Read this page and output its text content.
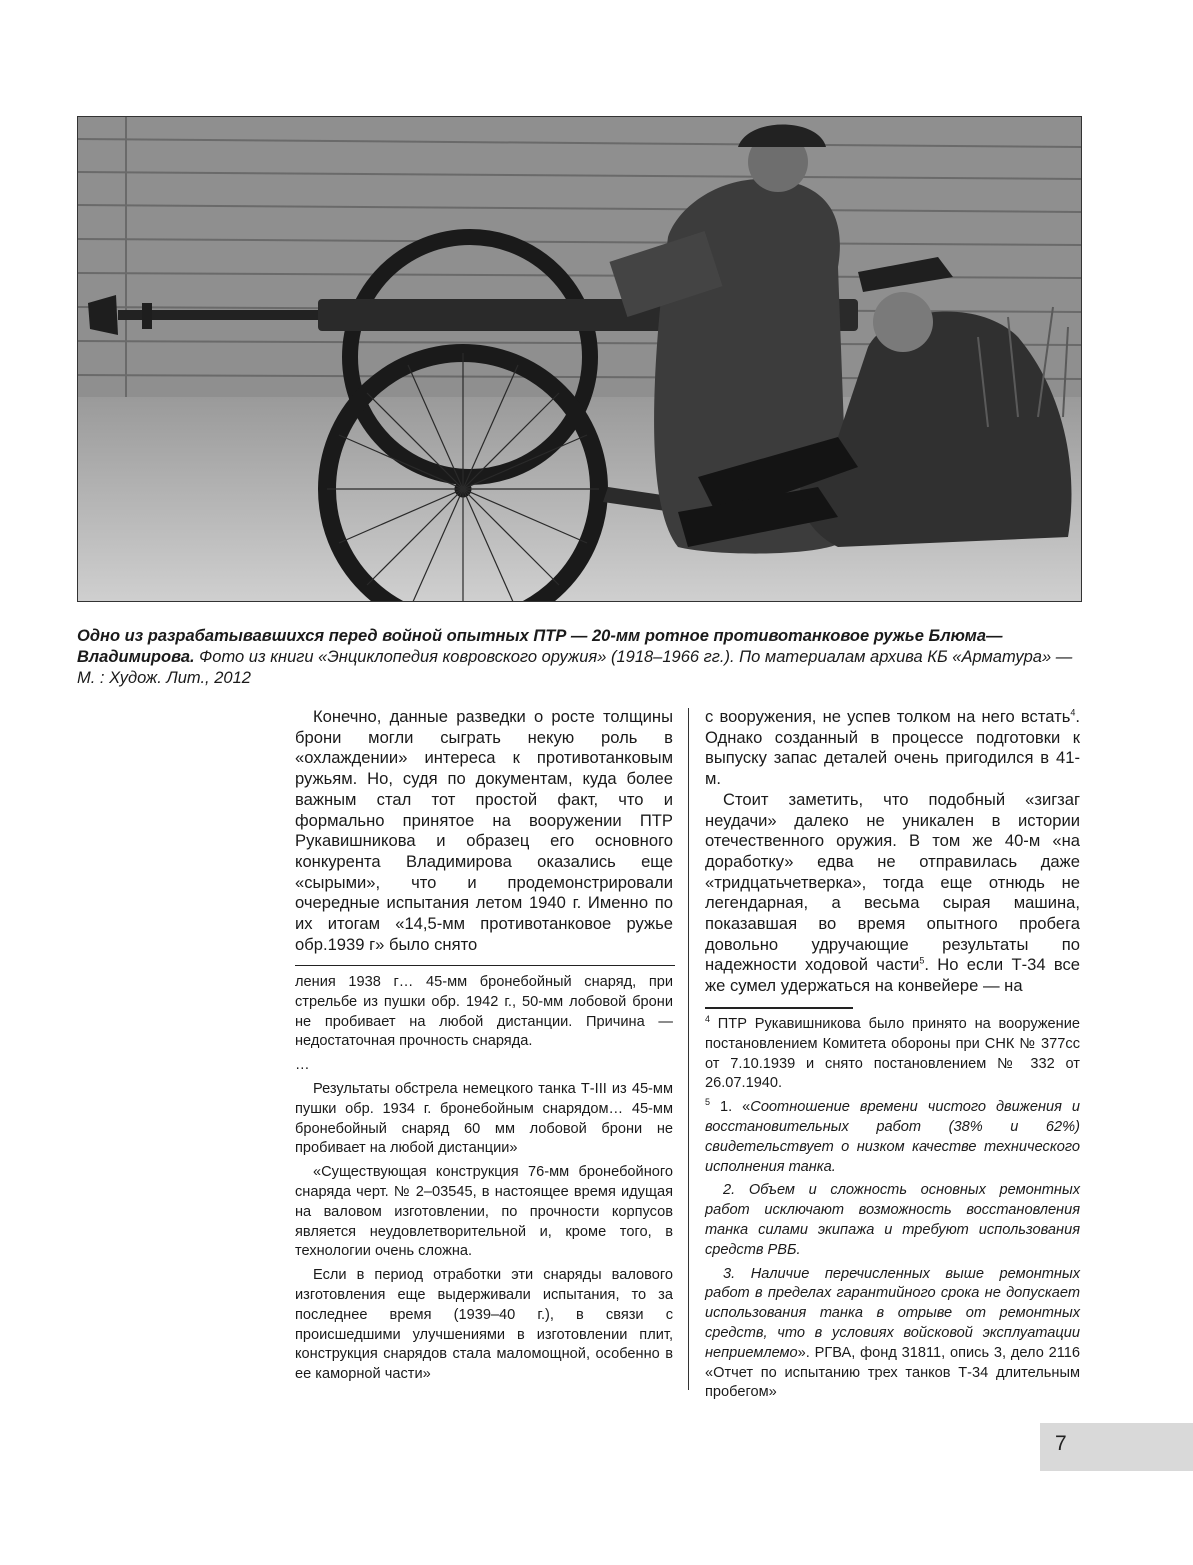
Одно из разрабатывавшихся перед войной опытных ПТР — 20-мм ротное противотанковое ружье Блюма—Владимирова. Фото из книги «Энциклопедия ковровского оружия» (1918–1966 гг.). По материалам архива КБ «Арматура» — М. : Худож. Лит., 2012

Конечно, данные разведки о росте толщины брони могли сыграть некую роль в «охлаждении» интереса к противотанковым ружьям. Но, судя по документам, куда более важным стал тот простой факт, что и формально принятое на вооружении ПТР Рукавишникова и образец его основного конкурента Владимирова оказались еще «сырыми», что и продемонстрировали очередные испытания летом 1940 г. Именно по их итогам «14,5-мм противотанковое ружье обр.1939 г» было снято

ления 1938 г… 45-мм бронебойный снаряд, при стрельбе из пушки обр. 1942 г., 50-мм лобовой брони не пробивает на любой дистанции. Причина — недостаточная прочность снаряда.

…

Результаты обстрела немецкого танка Т-III из 45-мм пушки обр. 1934 г. бронебойным снарядом… 45-мм бронебойный снаряд 60 мм лобовой брони не пробивает на любой дистанции»

«Существующая конструкция 76-мм бронебойного снаряда черт. № 2–03545, в настоящее время идущая на валовом изготовлении, по прочности корпусов является неудовлетворительной и, кроме того, в технологии очень сложна.

Если в период отработки эти снаряды валового изготовления еще выдерживали испытания, то за последнее время (1939–40 г.), в связи с происшедшими улучшениями в изготовлении плит, конструкция снарядов стала маломощной, особенно в ее каморной части»

с вооружения, не успев толком на него встать$^4$. Однако созданный в процессе подготовки к выпуску запас деталей очень пригодился в 41-м.

Стоит заметить, что подобный «зигзаг неудачи» далеко не уникален в истории отечественного оружия. В том же 40-м «на доработку» едва не отправилась даже «тридцатьчетверка», тогда еще отнюдь не легендарная, а весьма сырая машина, показавшая во время опытного пробега довольно удручающие результаты по надежности ходовой части$^5$. Но если Т-34 все же сумел удержаться на конвейере — на

$^4$ ПТР Рукавишникова было принято на вооружение постановлением Комитета обороны при СНК № 377сс от 7.10.1939 и снято постановлением № 332 от 26.07.1940.

$^5$ 1. «Соотношение времени чистого движения и восстановительных работ (38% и 62%) свидетельствует о низком качестве технического исполнения танка.

2. Объем и сложность основных ремонтных работ исключают возможность восстановления танка силами экипажа и требуют использования средств РВБ.

3. Наличие перечисленных выше ремонтных работ в пределах гарантийного срока не допускает использования танка в отрыве от ремонтных средств, что в условиях войсковой эксплуатации неприемлемо». РГВА, фонд 31811, опись 3, дело 2116 «Отчет по испытанию трех танков Т-34 длительным пробегом»

7
